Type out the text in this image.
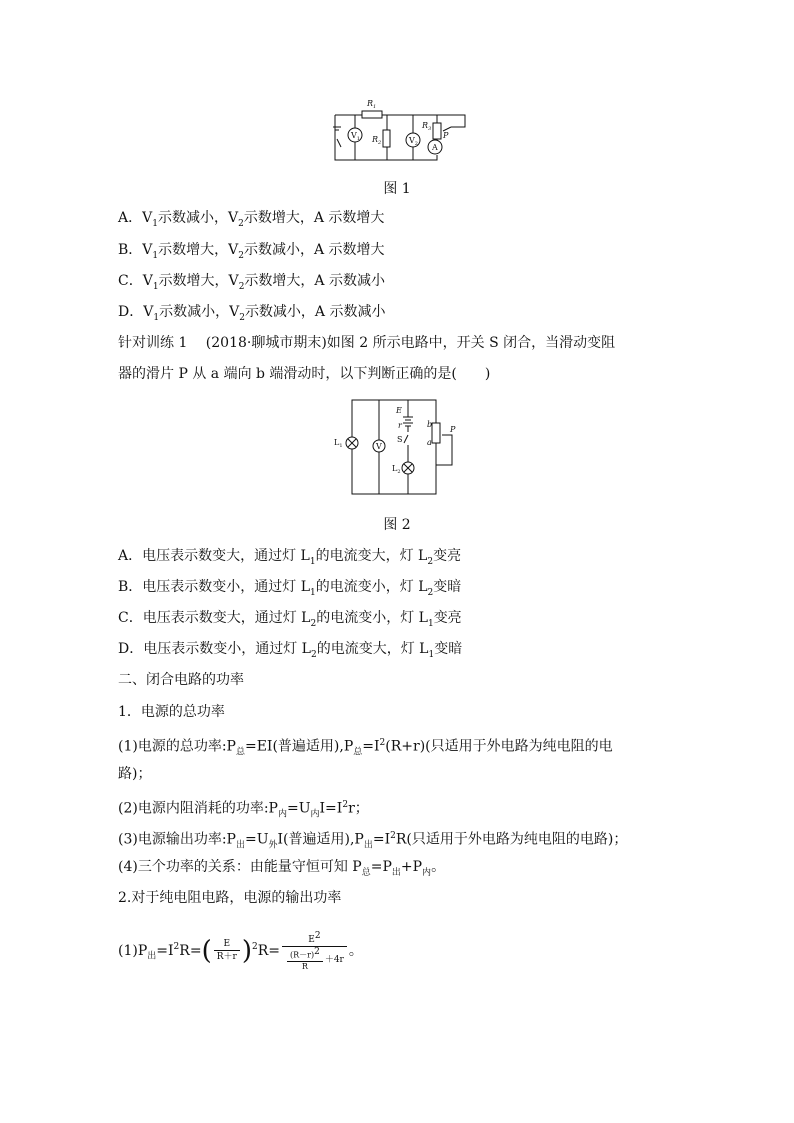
$R_1$
$R_2$
$R_3$
P
$V_1$	$V_2$ A
图 1
A．$V_1$示数减小，$V_2$示数增大，A 示数增大
B．$V_1$示数增大，$V_2$示数减小，A 示数增大
C．$V_1$示数增大，$V_2$示数增大，A 示数减小
D．$V_1$示数减小，$V_2$示数减小，A 示数减小
针对训练 1　 (2018·聊城市期末)如图 2 所示电路中，开关 S 闭合，当滑动变阻
器的滑片 P 从 a 端向 b 端滑动时，以下判断正确的是(　　)
$L_1$	V
E
r
S
$L_2$
b
a
P
图 2
A．电压表示数变大，通过灯 $L_1$的电流变大，灯 $L_2$变亮
B．电压表示数变小，通过灯 $L_1$的电流变小，灯 $L_2$变暗
C．电压表示数变大，通过灯 $L_2$的电流变小，灯 $L_1$变亮
D．电压表示数变小，通过灯 $L_2$的电流变大，灯 $L_1$变暗
二、闭合电路的功率
1．电源的总功率
(1)电源的总功率$:P_总=EI$(普遍适用)$,P_总=I^2(R+r)$(只适用于外电路为纯电阻的电
路)；
(2)电源内阻消耗的功率$:P_内=U_内I=I^2r$；
(3)电源输出功率$:P_出=U_外I$(普遍适用)$,P_出=I^2R$(只适用于外电路为纯电阻的电路)；
(4)三个功率的关系：由能量守恒可知 $P_总=P_出+P_内$。
2.对于纯电阻电路，电源的输出功率
$(1)P_出=I^2R=( \frac{E}{R+r} )^2R= \frac{E^2}{\frac{(R-r)^2}{R} +4r}$ 。
